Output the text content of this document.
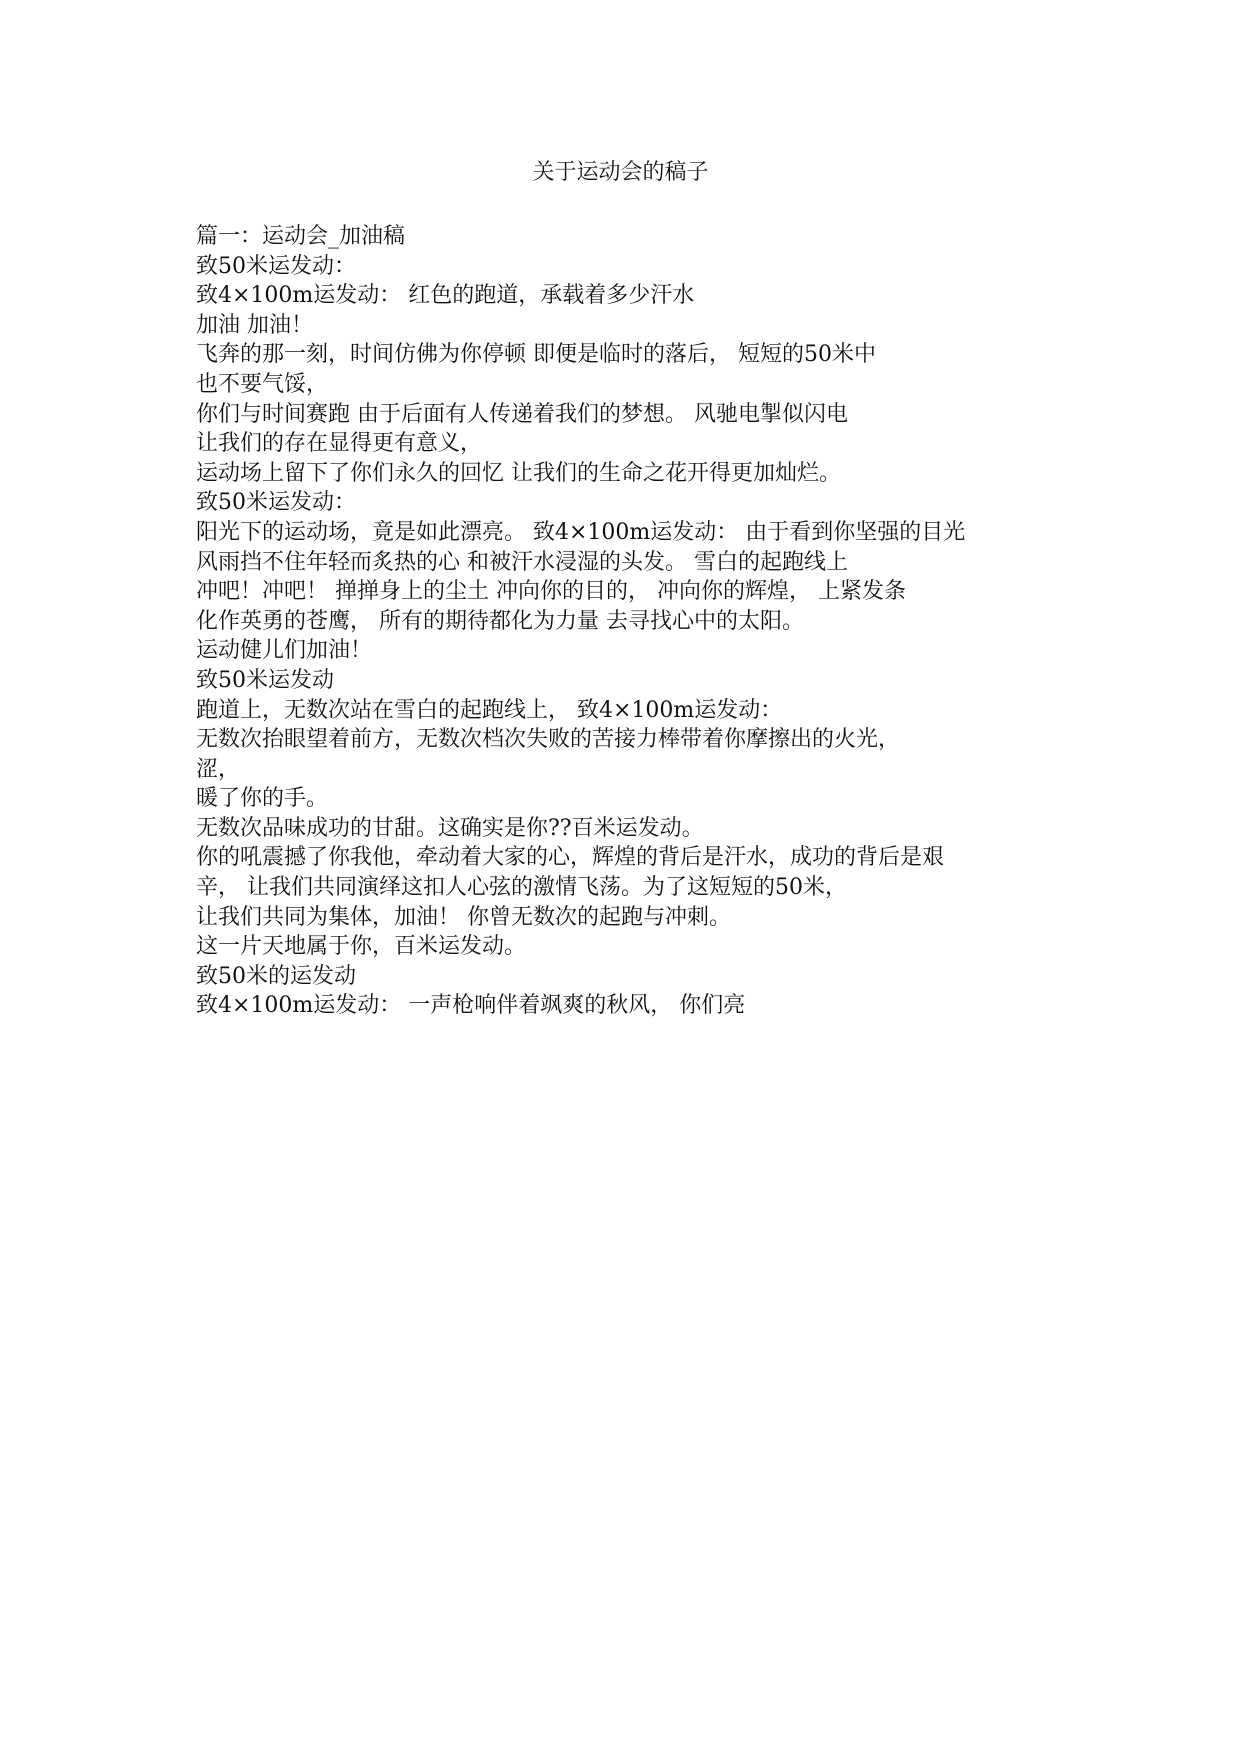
关于运动会的稿子
篇一：运动会_加油稿
致50米运发动：
致4×100m运发动： 红色的跑道，承载着多少汗水
加油 加油！
飞奔的那一刻，时间仿佛为你停顿 即便是临时的落后， 短短的50米中
也不要气馁，
你们与时间赛跑 由于后面有人传递着我们的梦想。 风驰电掣似闪电
让我们的存在显得更有意义，
运动场上留下了你们永久的回忆 让我们的生命之花开得更加灿烂。
致50米运发动：
阳光下的运动场，竟是如此漂亮。 致4×100m运发动： 由于看到你坚强的目光
风雨挡不住年轻而炙热的心 和被汗水浸湿的头发。 雪白的起跑线上
冲吧！冲吧！ 掸掸身上的尘土 冲向你的目的， 冲向你的辉煌， 上紧发条
化作英勇的苍鹰， 所有的期待都化为力量 去寻找心中的太阳。
运动健儿们加油！
致50米运发动
跑道上，无数次站在雪白的起跑线上， 致4×100m运发动：
无数次抬眼望着前方，无数次档次失败的苦接力棒带着你摩擦出的火光，
涩，
暖了你的手。
无数次品味成功的甘甜。这确实是你??百米运发动。
你的吼震撼了你我他，牵动着大家的心，辉煌的背后是汗水，成功的背后是艰
辛， 让我们共同演绎这扣人心弦的激情飞荡。为了这短短的50米，
让我们共同为集体，加油！ 你曾无数次的起跑与冲刺。
这一片天地属于你，百米运发动。
致50米的运发动
致4×100m运发动： 一声枪响伴着飒爽的秋风， 你们亮
